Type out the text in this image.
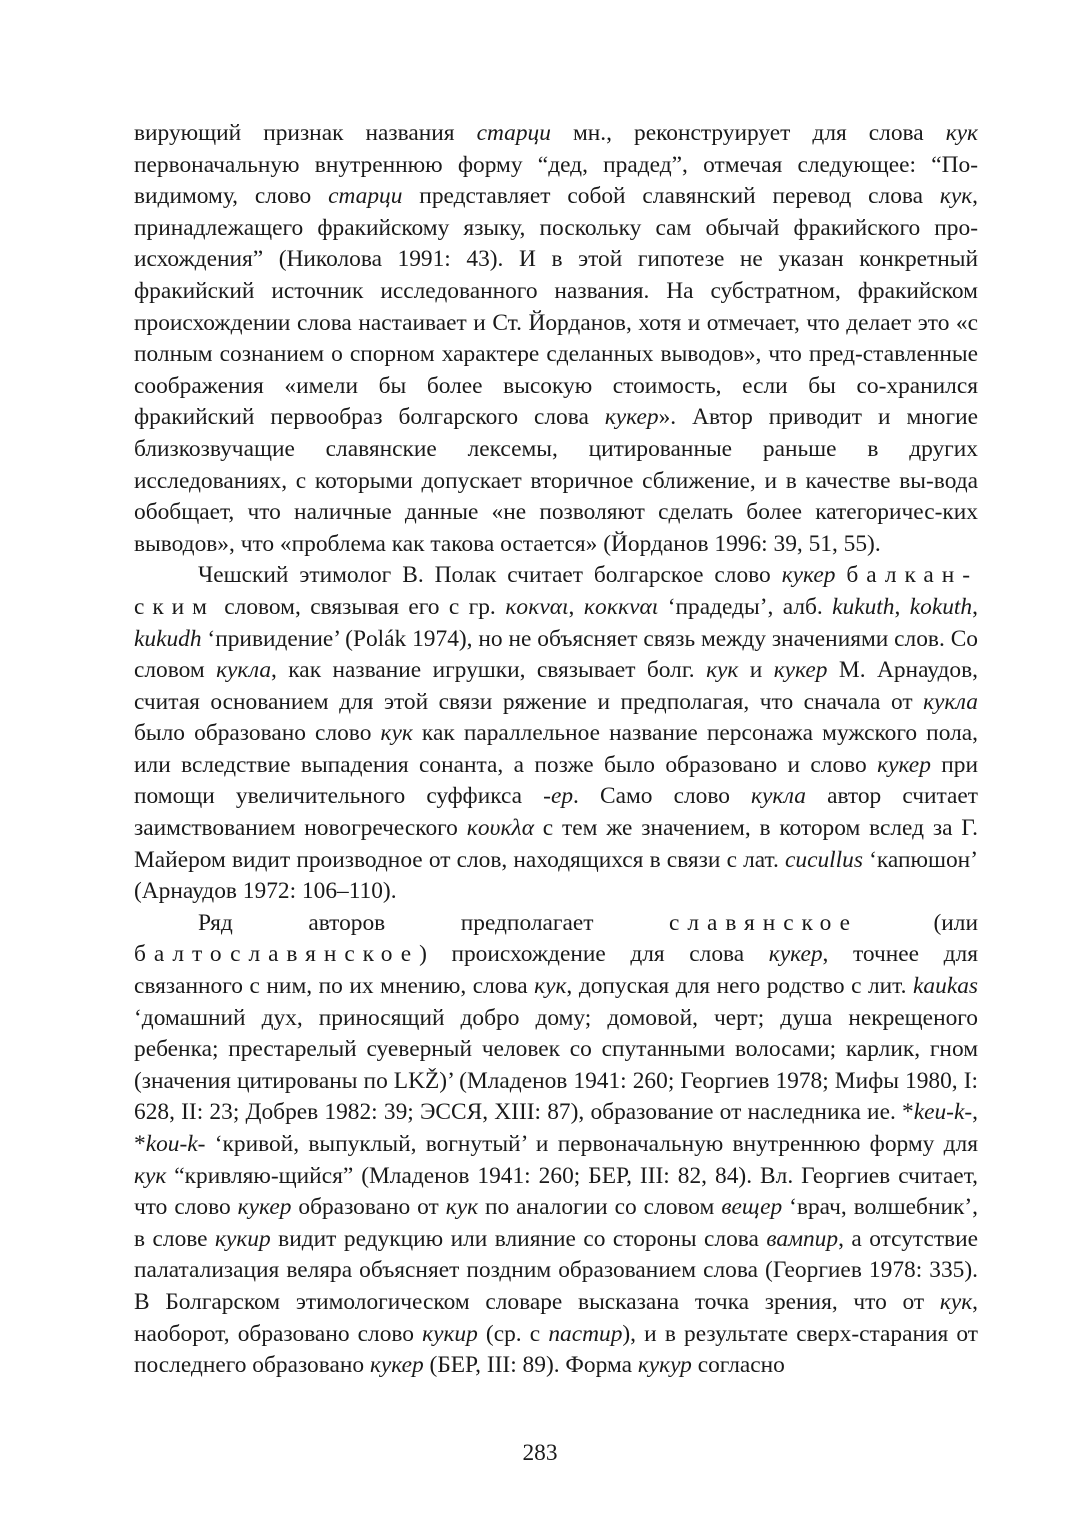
вирующий признак названия старци мн., реконструирует для слова кук первоначальную внутреннюю форму “дед, прадед”, отмечая следующее: “По-видимому, слово старци представляет собой славянский перевод слова кук, принадлежащего фракийскому языку, поскольку сам обычай фракийского про-исхождения” (Николова 1991: 43). И в этой гипотезе не указан конкретный фракийский источник исследованного названия. На субстратном, фракийском происхождении слова настаивает и Ст. Йорданов, хотя и отмечает, что делает это «с полным сознанием о спорном характере сделанных выводов», что пред-ставленные соображения «имели бы более высокую стоимость, если бы со-хранился фракийский первообраз болгарского слова кукер». Автор приводит и многие близкозвучащие славянские лексемы, цитированные раньше в других исследованиях, с которыми допускает вторичное сближение, и в качестве вы-вода обобщает, что наличные данные «не позволяют сделать более категоричес-ких выводов», что «проблема как такова остается» (Йорданов 1996: 39, 51, 55).

Чешский этимолог В. Полак считает болгарское слово кукер балкан-ским словом, связывая его с гр. κoκναι, κoκκναι ‘прадеды’, алб. kukuth, kokuth, kukudh ‘привидение’ (Polák 1974), но не объясняет связь между значениями слов. Со словом кукла, как название игрушки, связывает болг. кук и кукер М. Арнаудов, считая основанием для этой связи ряжение и предполагая, что сначала от кукла было образовано слово кук как параллельное название персонажа мужского пола, или вследствие выпадения сонанта, а позже было образовано и слово кукер при помощи увеличительного суффикса -ер. Само слово кукла автор считает заимствованием новогреческого κουκλα с тем же значением, в котором вслед за Г. Майером видит производное от слов, находящихся в связи с лат. cucullus ‘капюшон’ (Арнаудов 1972: 106–110).

Ряд авторов предполагает славянское (или балтославянское) происхождение для слова кукер, точнее для связанного с ним, по их мнению, слова кук, допуская для него родство с лит. kaukas ‘домашний дух, приносящий добро дому; домовой, черт; душа некрещеного ребенка; престарелый суеверный человек со спутанными волосами; карлик, гном (значения цитированы по LKŽ)’ (Младенов 1941: 260; Георгиев 1978; Мифы 1980, I: 628, II: 23; Добрев 1982: 39; ЭССЯ, XIII: 87), образование от наследника ие. *keu-k-, *kou-k- ‘кривой, выпуклый, вогнутый’ и первоначальную внутреннюю форму для кук “кривляю-щийся” (Младенов 1941: 260; БЕР, III: 82, 84). Вл. Георгиев считает, что слово кукер образовано от кук по аналогии со словом вещер ‘врач, волшебник’, в слове кукир видит редукцию или влияние со стороны слова вампир, а отсутствие палатализация веляра объясняет поздним образованием слова (Георгиев 1978: 335). В Болгарском этимологическом словаре высказана точка зрения, что от кук, наоборот, образовано слово кукир (ср. с пастир), и в результате сверх-старания от последнего образовано кукер (БЕР, III: 89). Форма кукур согласно

283
